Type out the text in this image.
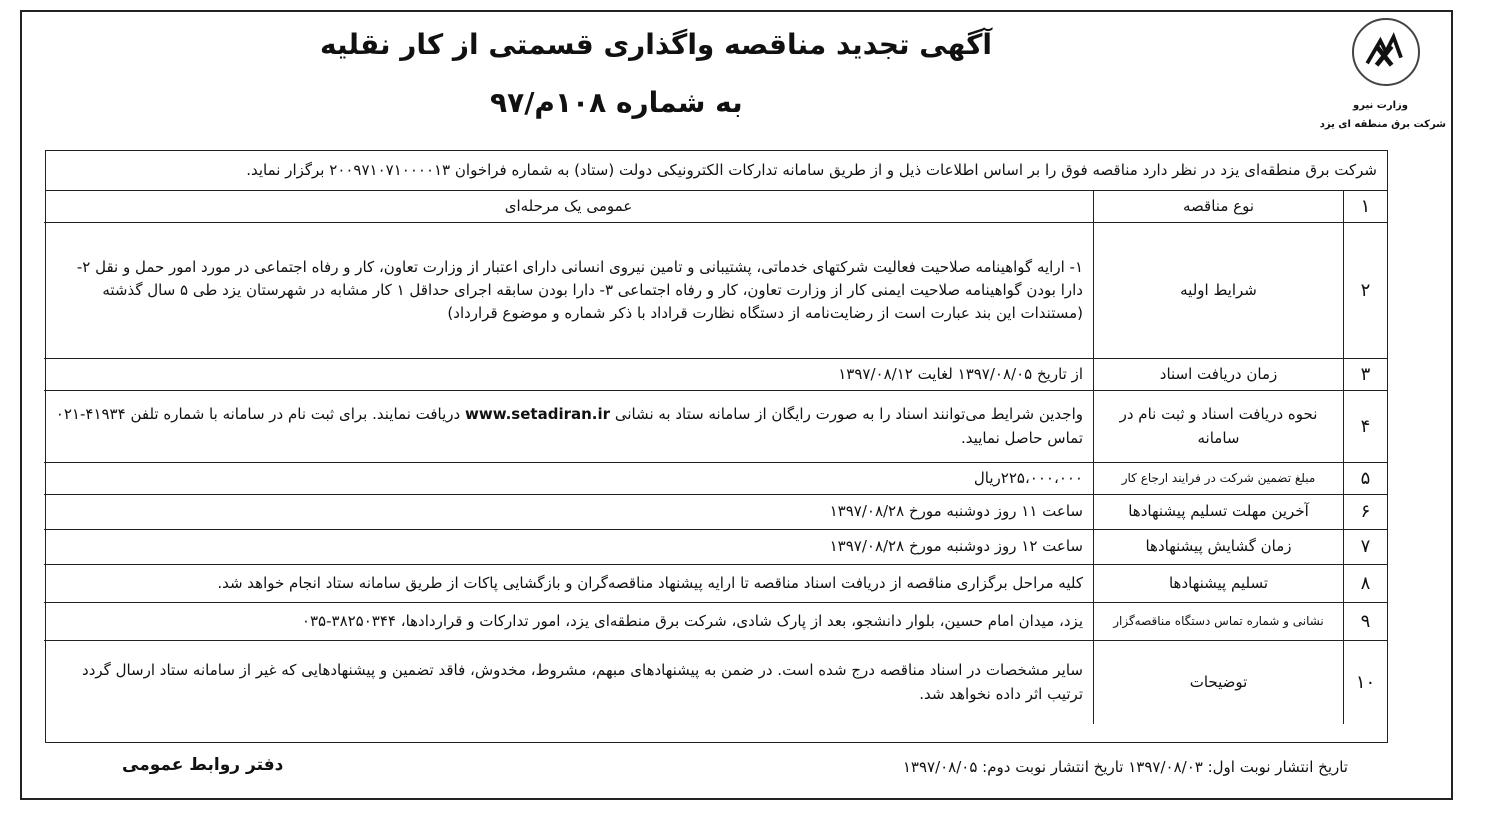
وزارت نیرو
شرکت برق منطقه ای یزد
آگهی تجدید مناقصه واگذاری قسمتی از کار نقلیه
به شماره ۱۰۸م/۹۷
شرکت برق منطقه‌ای یزد در نظر دارد مناقصه فوق را بر اساس اطلاعات ذیل و از طریق سامانه تدارکات الکترونیکی دولت (ستاد) به شماره فراخوان ۲۰۰۹۷۱۰۷۱۰۰۰۰۱۳ برگزار نماید.
۱
نوع مناقصه
عمومی یک مرحله‌ای
۲
شرایط اولیه
۱- ارایه گواهینامه صلاحیت فعالیت شرکتهای خدماتی، پشتیبانی و تامین نیروی انسانی دارای اعتبار از وزارت تعاون، کار و رفاه اجتماعی در مورد امور حمل و نقل ۲- دارا بودن گواهینامه صلاحیت ایمنی کار از وزارت تعاون، کار و رفاه اجتماعی ۳- دارا بودن سابقه اجرای حداقل ۱ کار مشابه در شهرستان یزد طی ۵ سال گذشته (مستندات این بند عبارت است از رضایت‌نامه از دستگاه نظارت قراداد با ذکر شماره و موضوع قرارداد)
۳
زمان دریافت اسناد
از تاریخ ۱۳۹۷/۰۸/۰۵ لغایت ۱۳۹۷/۰۸/۱۲
۴
نحوه دریافت اسناد و ثبت نام در سامانه
واجدین شرایط می‌توانند اسناد را به صورت رایگان از سامانه ستاد به نشانی www.setadiran.ir دریافت نمایند. برای ثبت نام در سامانه با شماره تلفن ۴۱۹۳۴-۰۲۱ تماس حاصل نمایید.
۵
مبلغ تضمین شرکت در فرایند ارجاع کار
۲۲۵،۰۰۰،۰۰۰ریال
۶
آخرین مهلت تسلیم پیشنهادها
ساعت ۱۱ روز دوشنبه مورخ ۱۳۹۷/۰۸/۲۸
۷
زمان گشایش پیشنهادها
ساعت ۱۲ روز دوشنبه مورخ ۱۳۹۷/۰۸/۲۸
۸
تسلیم پیشنهادها
کلیه مراحل برگزاری مناقصه از دریافت اسناد مناقصه تا ارایه پیشنهاد مناقصه‌گران و بازگشایی پاکات از طریق سامانه ستاد انجام خواهد شد.
۹
نشانی و شماره تماس دستگاه مناقصه‌گزار
یزد، میدان امام حسین، بلوار دانشجو، بعد از پارک شادی، شرکت برق منطقه‌ای یزد، امور تدارکات و قراردادها، ۳۸۲۵۰۳۴۴-۰۳۵
۱۰
توضیحات
سایر مشخصات در اسناد مناقصه درج شده است. در ضمن به پیشنهادهای مبهم، مشروط، مخدوش، فاقد تضمین و پیشنهادهایی که غیر از سامانه ستاد ارسال گردد ترتیب اثر داده نخواهد شد.
تاریخ انتشار نوبت اول: ۱۳۹۷/۰۸/۰۳ تاریخ انتشار نوبت دوم: ۱۳۹۷/۰۸/۰۵
دفتر روابط عمومی
